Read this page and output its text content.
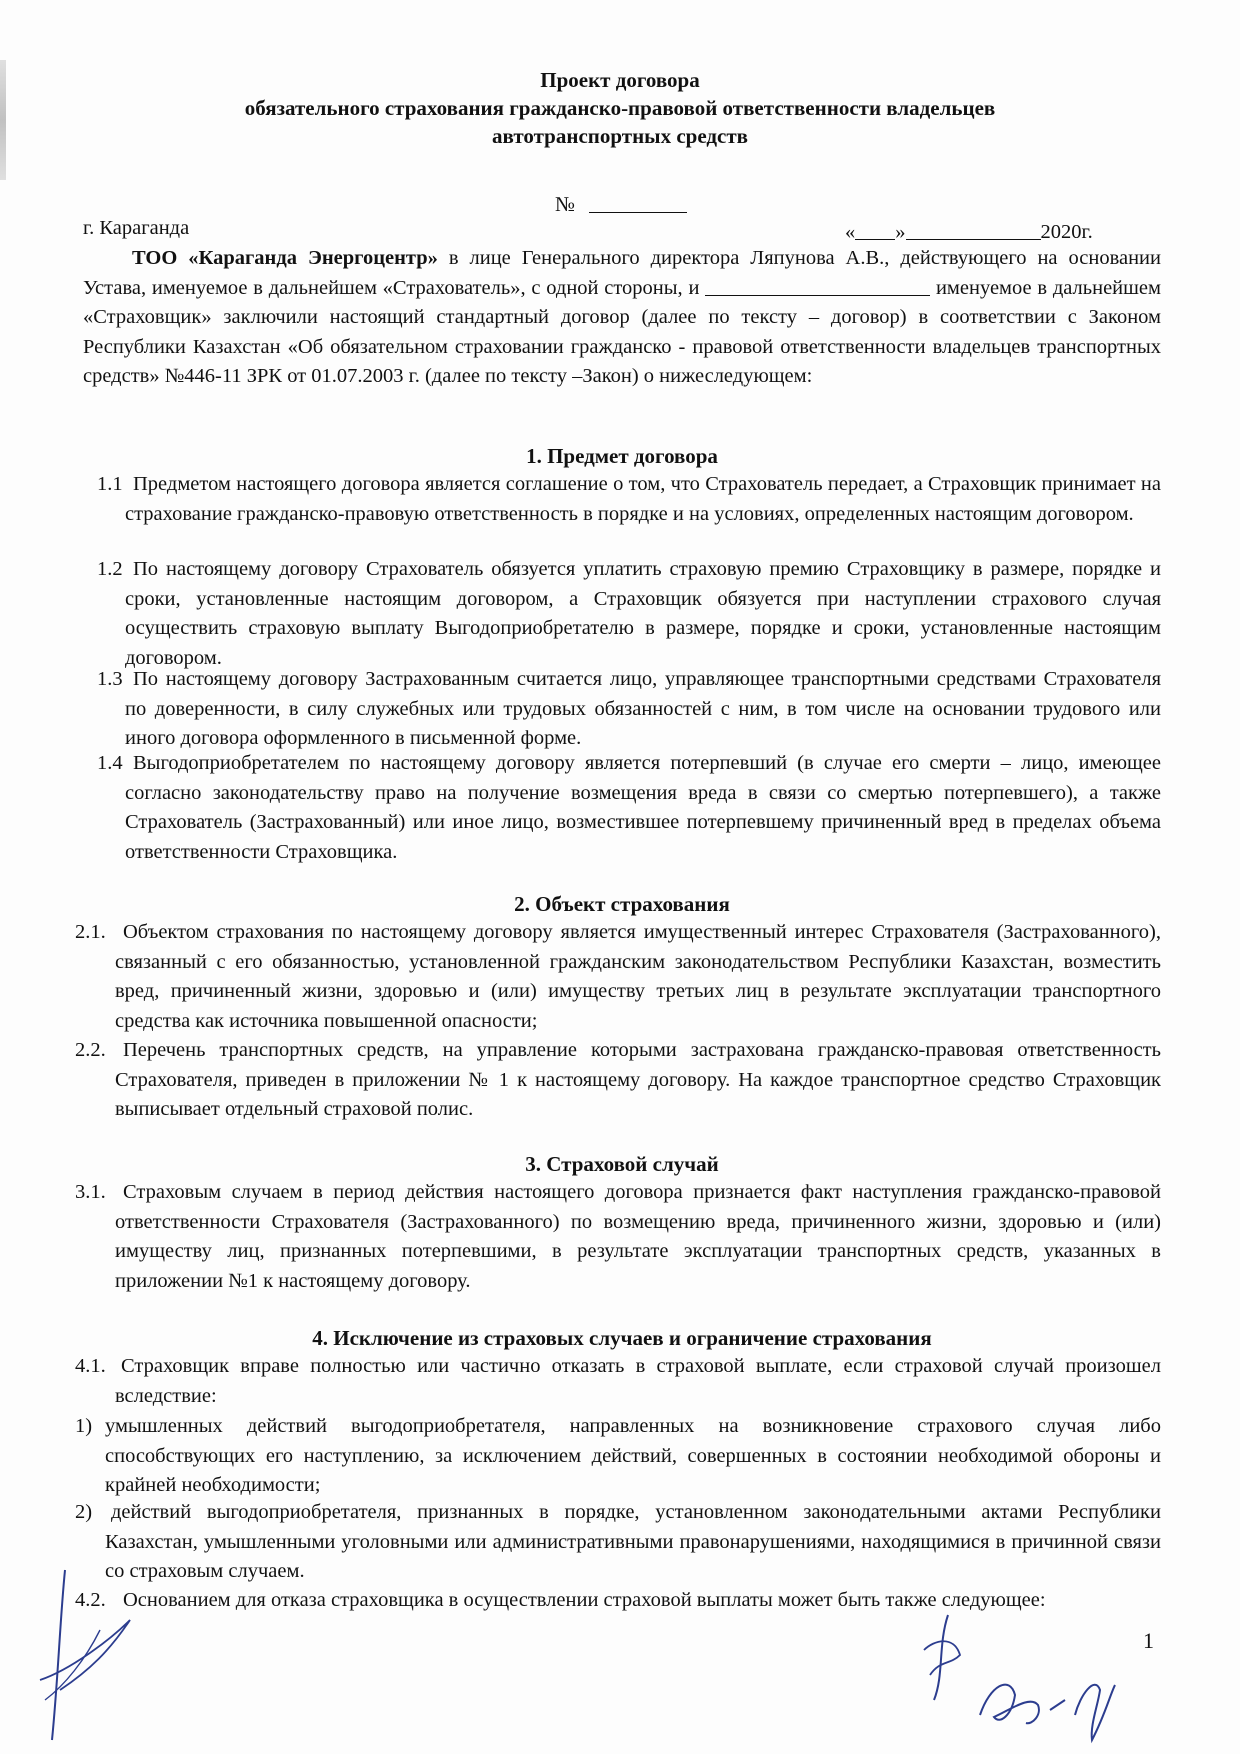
Проект договора
обязательного страхования гражданско-правовой ответственности владельцев
автотранспортных средств
№
г. Караганда	« »	2020г.
ТОО «Караганда Энергоцентр» в лице Генерального директора Ляпунова А.В., действующего на основании Устава, именуемое в дальнейшем «Страхователь», с одной стороны, и	именуемое в дальнейшем «Страховщик» заключили настоящий стандартный договор (далее по тексту – договор) в соответствии с Законом Республики Казахстан «Об обязательном страховании гражданско - правовой ответственности владельцев транспортных средств» №446-11 ЗРК от 01.07.2003 г. (далее по тексту –Закон) о нижеследующем:
1. Предмет договора
1.1 Предметом настоящего договора является соглашение о том, что Страхователь передает, а Страховщик принимает на страхование гражданско-правовую ответственность в порядке и на условиях, определенных настоящим договором.
1.2 По настоящему договору Страхователь обязуется уплатить страховую премию Страховщику в размере, порядке и сроки, установленные настоящим договором, а Страховщик обязуется при наступлении страхового случая осуществить страховую выплату Выгодоприобретателю в размере, порядке и сроки, установленные настоящим договором.
1.3 По настоящему договору Застрахованным считается лицо, управляющее транспортными средствами Страхователя по доверенности, в силу служебных или трудовых обязанностей с ним, в том числе на основании трудового или иного договора оформленного в письменной форме.
1.4 Выгодоприобретателем по настоящему договору является потерпевший (в случае его смерти – лицо, имеющее согласно законодательству право на получение возмещения вреда в связи со смертью потерпевшего), а также Страхователь (Застрахованный) или иное лицо, возместившее потерпевшему причиненный вред в пределах объема ответственности Страховщика.
2. Объект страхования
2.1. Объектом страхования по настоящему договору является имущественный интерес Страхователя (Застрахованного), связанный с его обязанностью, установленной гражданским законодательством Республики Казахстан, возместить вред, причиненный жизни, здоровью и (или) имуществу третьих лиц в результате эксплуатации транспортного средства как источника повышенной опасности;
2.2. Перечень транспортных средств, на управление которыми застрахована гражданско-правовая ответственность Страхователя, приведен в приложении № 1 к настоящему договору. На каждое транспортное средство Страховщик выписывает отдельный страховой полис.
3. Страховой случай
3.1. Страховым случаем в период действия настоящего договора признается факт наступления гражданско-правовой ответственности Страхователя (Застрахованного) по возмещению вреда, причиненного жизни, здоровью и (или) имуществу лиц, признанных потерпевшими, в результате эксплуатации транспортных средств, указанных в приложении №1 к настоящему договору.
4. Исключение из страховых случаев и ограничение страхования
4.1. Страховщик вправе полностью или частично отказать в страховой выплате, если страховой случай произошел вследствие:
1) умышленных действий выгодоприобретателя, направленных на возникновение страхового случая либо способствующих его наступлению, за исключением действий, совершенных в состоянии необходимой обороны и крайней необходимости;
2) действий выгодоприобретателя, признанных в порядке, установленном законодательными актами Республики Казахстан, умышленными уголовными или административными правонарушениями, находящимися в причинной связи со страховым случаем.
4.2. Основанием для отказа страховщика в осуществлении страховой выплаты может быть также следующее:
1
